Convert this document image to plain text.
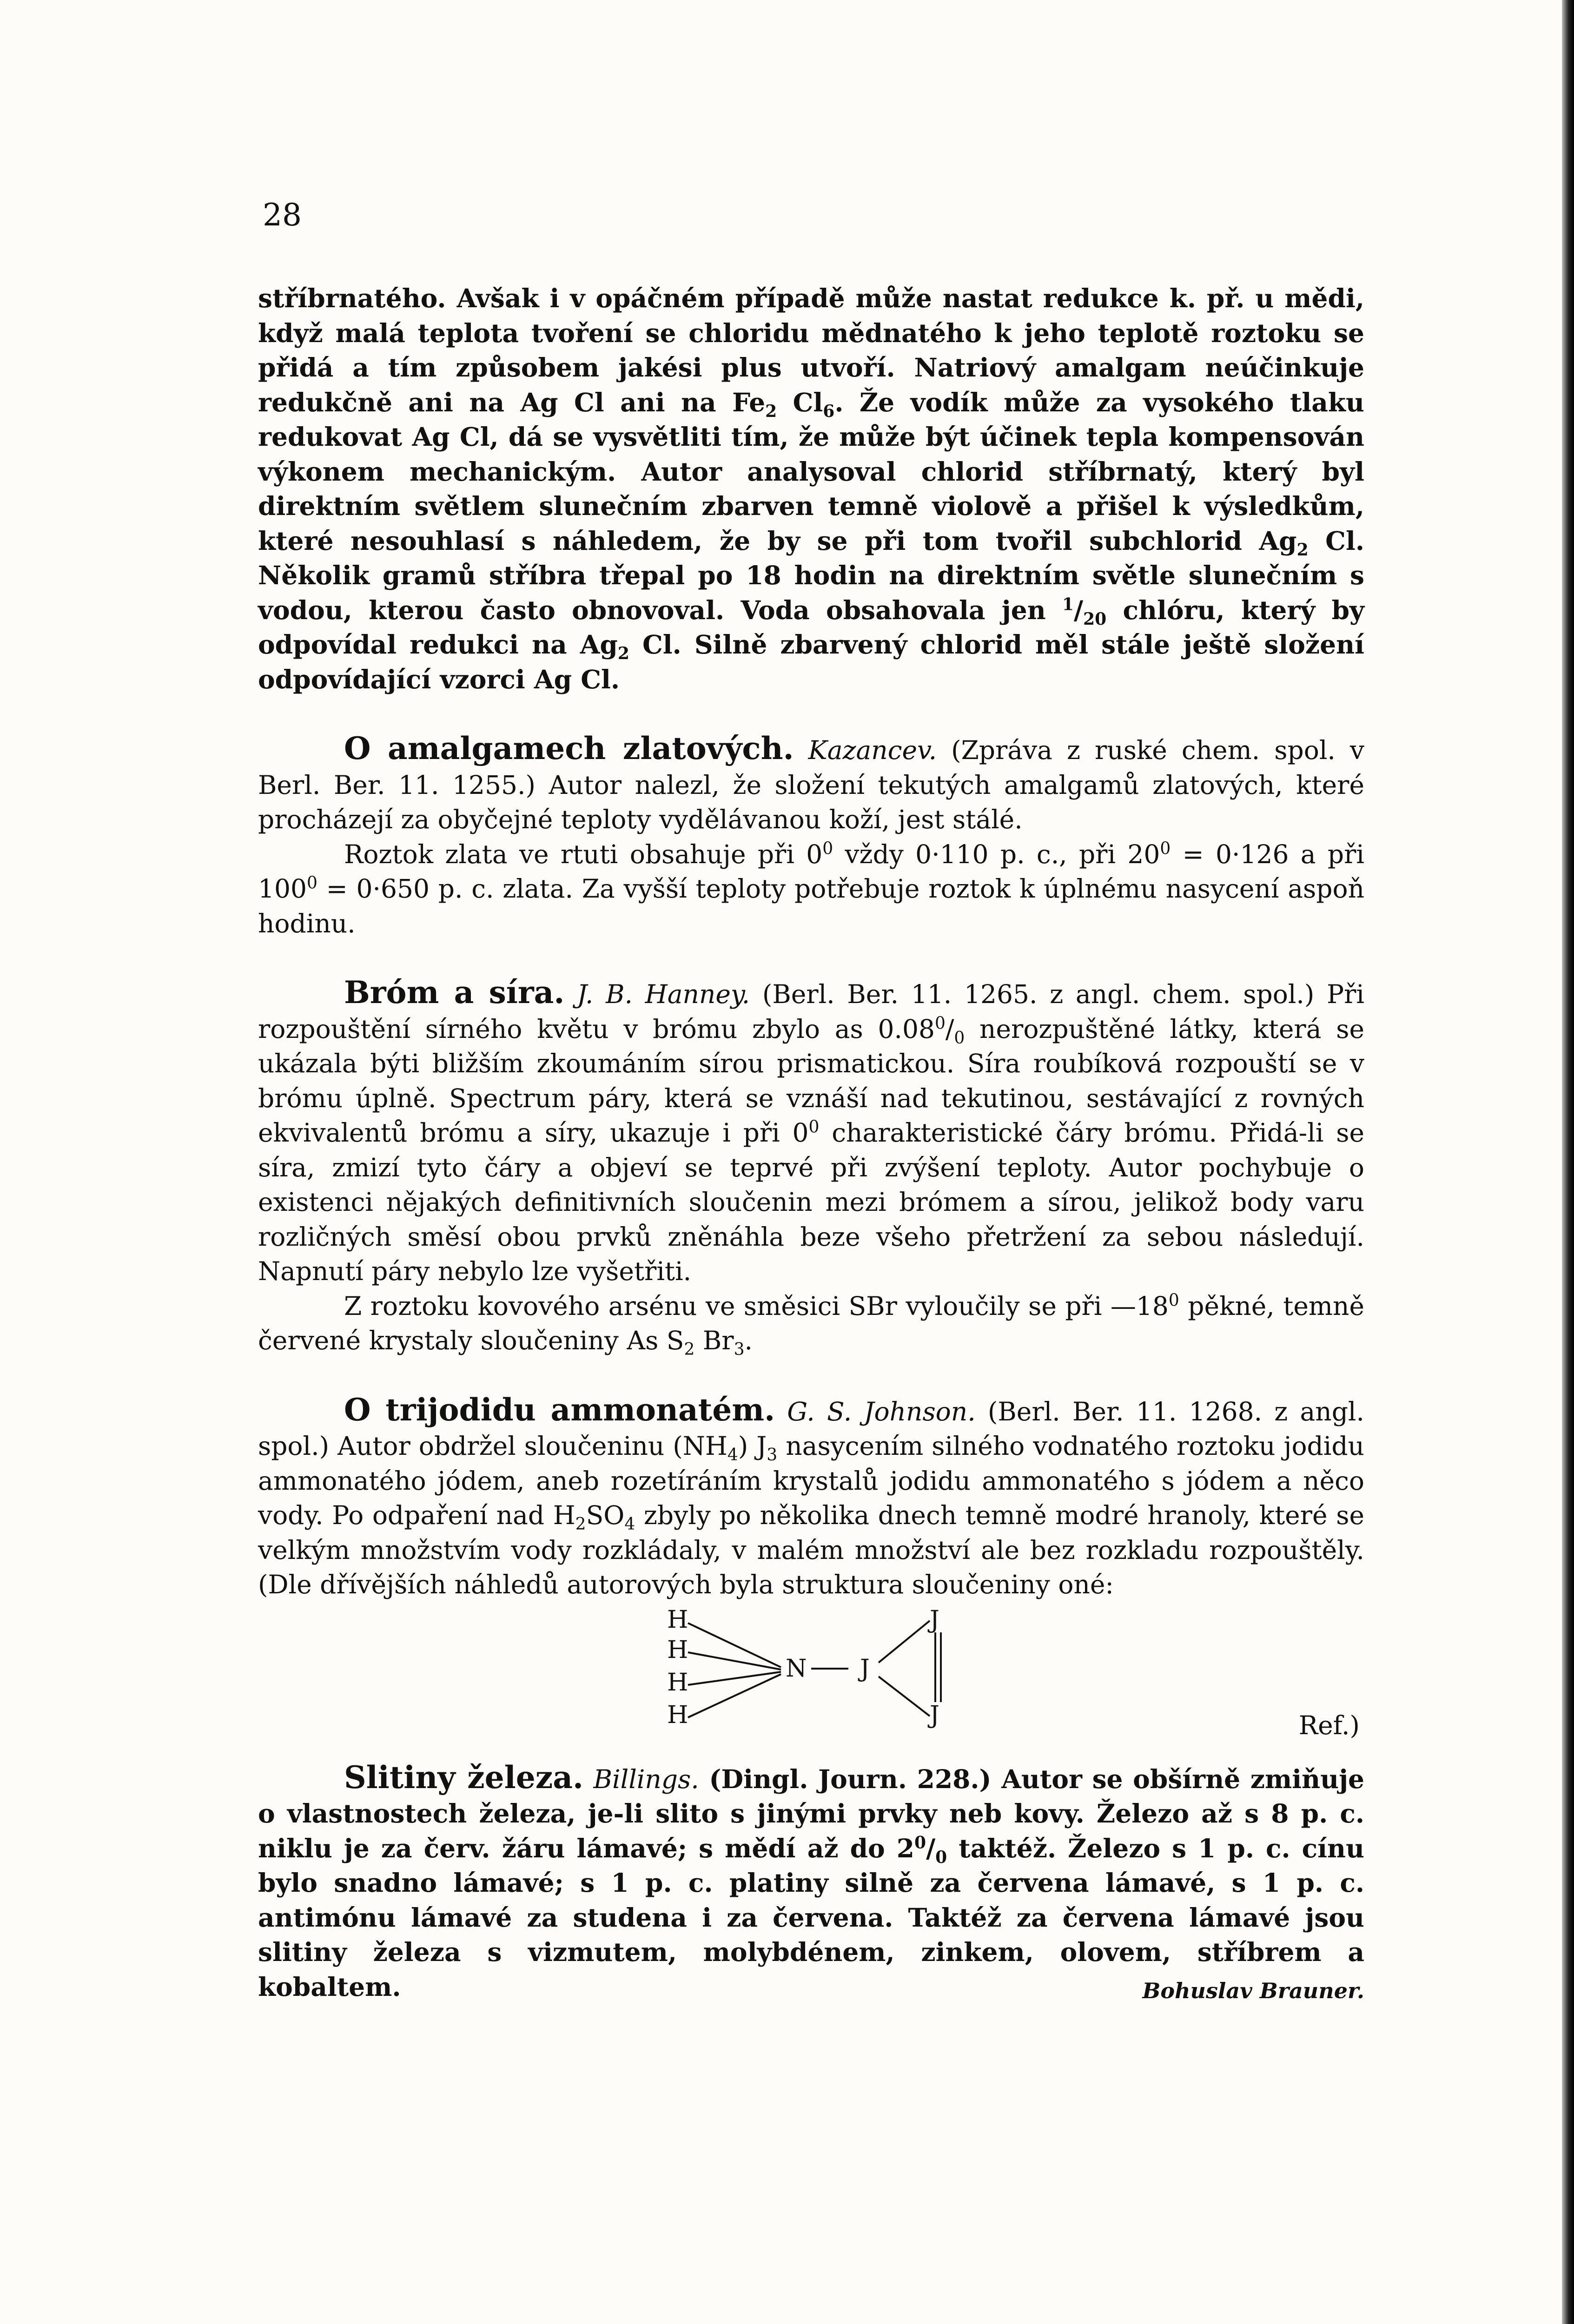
28

stříbrnatého. Avšak i v opáčném případě může nastat redukce k. př. u mědi, když malá teplota tvoření se chloridu mědnatého k jeho teplotě roztoku se přidá a tím způsobem jakési plus utvoří. Natriový amalgam neúčinkuje redukčně ani na Ag Cl ani na $Fe_2$ $Cl_6$. Že vodík může za vysokého tlaku redukovat Ag Cl, dá se vysvětliti tím, že může být účinek tepla kompensován výkonem mechanickým. Autor analysoval chlorid stříbrnatý, který byl direktním světlem slunečním zbarven temně violově a přišel k výsledkům, které nesouhlasí s náhledem, že by se při tom tvořil subchlorid $Ag_2$ Cl. Několik gramů stříbra třepal po 18 hodin na direktním světle slunečním s vodou, kterou často obnovoval. Voda obsahovala jen $^1/_{20}$ chlóru, který by odpovídal redukci na $Ag_2$ Cl. Silně zbarvený chlorid měl stále ještě složení odpovídající vzorci Ag Cl.

O amalgamech zlatových. Kazancev. (Zpráva z ruské chem. spol. v Berl. Ber. 11. 1255.) Autor nalezl, že složení tekutých amalgamů zlatových, které procházejí za obyčejné teploty vydělávanou koží, jest stálé.

Roztok zlata ve rtuti obsahuje při $0^0$ vždy 0·110 p. c., při $20^0 = 0\cdot 126$ a při $100^0 = 0\cdot 650$ p. c. zlata. Za vyšší teploty potřebuje roztok k úplnému nasycení aspoň hodinu.

Bróm a síra. J. B. Hanney. (Berl. Ber. 11. 1265. z angl. chem. spol.) Při rozpouštění sírného květu v brómu zbylo as $0.08^0/_0$ nerozpuštěné látky, která se ukázala býti bližším zkoumáním sírou prismatickou. Síra roubíková rozpouští se v brómu úplně. Spectrum páry, která se vznáší nad tekutinou, sestávající z rovných ekvivalentů brómu a síry, ukazuje i při $0^0$ charakteristické čáry brómu. Přidá-li se síra, zmizí tyto čáry a objeví se teprvé při zvýšení teploty. Autor pochybuje o existenci nějakých definitivních sloučenin mezi brómem a sírou, jelikož body varu rozličných směsí obou prvků zněnáhla beze všeho přetržení za sebou následují. Napnutí páry nebylo lze vyšetřiti.

Z roztoku kovového arsénu ve směsici SBr vyloučily se při $—18^0$ pěkné, temně červené krystaly sloučeniny As $S_2$ $Br_3$.

O trijodidu ammonatém. G. S. Johnson. (Berl. Ber. 11. 1268. z angl. spol.) Autor obdržel sloučeninu $(NH_4)$ $J_3$ nasycením silného vodnatého roztoku jodidu ammonatého jódem, aneb rozetíráním krystalů jodidu ammonatého s jódem a něco vody. Po odpaření nad $H_2SO_4$ zbyly po několika dnech temně modré hranoly, které se velkým množstvím vody rozkládaly, v malém množství ale bez rozkladu rozpouštěly. (Dle dřívějších náhledů autorových byla struktura sloučeniny oné:

H
H
H
H
N J
J
J	Ref.)

Slitiny železa. Billings. (Dingl. Journ. 228.) Autor se obšírně zmiňuje o vlastnostech železa, je-li slito s jinými prvky neb kovy. Železo až s 8 p. c. niklu je za červ. žáru lámavé; s mědí až do $2^0/_0$ taktéž. Železo s 1 p. c. cínu bylo snadno lámavé; s 1 p. c. platiny silně za červena lámavé, s 1 p. c. antimónu lámavé za studena i za červena. Taktéž za červena lámavé jsou slitiny železa s vizmutem, molybdénem, zinkem, olovem, stříbrem a kobaltem.	Bohuslav Brauner.
